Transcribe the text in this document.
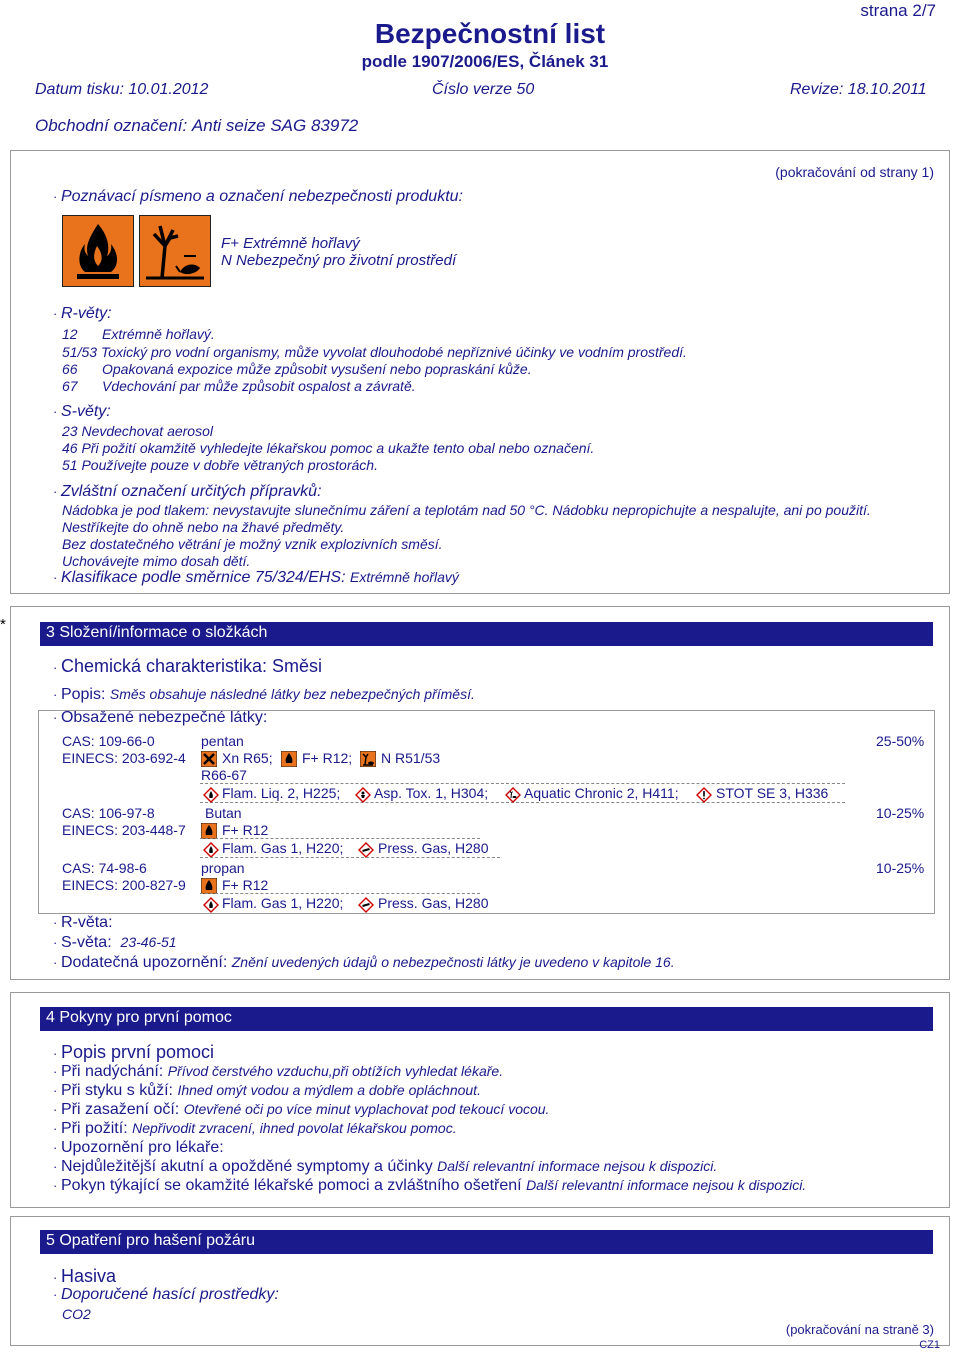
strana 2/7
Bezpečnostní list
podle 1907/2006/ES, Článek 31
Datum tisku: 10.01.2012	Číslo verze 50	Revize: 18.10.2011
Obchodní označení: Anti seize SAG 83972
(pokračování od strany 1)
· Poznávací písmeno a označení nebezpečnosti produktu:
F+ Extrémně hořlavý
N Nebezpečný pro životní prostředí
· R-věty:
12 Extrémně hořlavý.
51/53 Toxický pro vodní organismy, může vyvolat dlouhodobé nepříznivé účinky ve vodním prostředí.
66 Opakovaná expozice může způsobit vysušení nebo popraskání kůže.
67 Vdechování par může způsobit ospalost a závratě.
· S-věty:
23 Nevdechovat aerosol
46 Při požití okamžitě vyhledejte lékařskou pomoc a ukažte tento obal nebo označení.
51 Používejte pouze v dobře větraných prostorách.
· Zvláštní označení určitých přípravků:
Nádobka je pod tlakem: nevystavujte slunečnímu záření a teplotám nad 50 °C. Nádobku nepropichujte a nespalujte, ani po použití.
Nestříkejte do ohně nebo na žhavé předměty.
Bez dostatečného větrání je možný vznik explozivních směsí.
Uchovávejte mimo dosah dětí.
· Klasifikace podle směrnice 75/324/EHS: Extrémně hořlavý
*	3 Složení/informace o složkách
· Chemická charakteristika: Směsi
· Popis: Směs obsahuje následné látky bez nebezpečných příměsí.
· Obsažené nebezpečné látky:
CAS: 109-66-0
EINECS: 203-692-4
pentan	25-50%
Xn R65; F+ R12; N R51/53
R66-67
Flam. Liq. 2, H225; Asp. Tox. 1, H304;	Aquatic Chronic 2, H411;	STOT SE 3, H336
CAS: 106-97-8
EINECS: 203-448-7
Butan	10-25%
F+ R12
Flam. Gas 1, H220; Press. Gas, H280
CAS: 74-98-6
EINECS: 200-827-9
propan	10-25%
F+ R12
Flam. Gas 1, H220; Press. Gas, H280
· R-věta:
· S-věta: 23-46-51
· Dodatečná upozornění: Znění uvedených údajů o nebezpečnosti látky je uvedeno v kapitole 16.
4 Pokyny pro první pomoc
· Popis první pomoci
· Při nadýchání: Přívod čerstvého vzduchu,při obtížích vyhledat lékaře.
· Při styku s kůží: Ihned omýt vodou a mýdlem a dobře opláchnout.
· Při zasažení očí: Otevřené oči po více minut vyplachovat pod tekoucí vocou.
· Při požití: Nepřivodit zvracení, ihned povolat lékařskou pomoc.
· Upozornění pro lékaře:
· Nejdůležitější akutní a opožděné symptomy a účinky Další relevantní informace nejsou k dispozici.
· Pokyn týkající se okamžité lékařské pomoci a zvláštního ošetření Další relevantní informace nejsou k dispozici.
5 Opatření pro hašení požáru
· Hasiva
· Doporučené hasící prostředky:
CO2
(pokračování na straně 3)
CZ1
